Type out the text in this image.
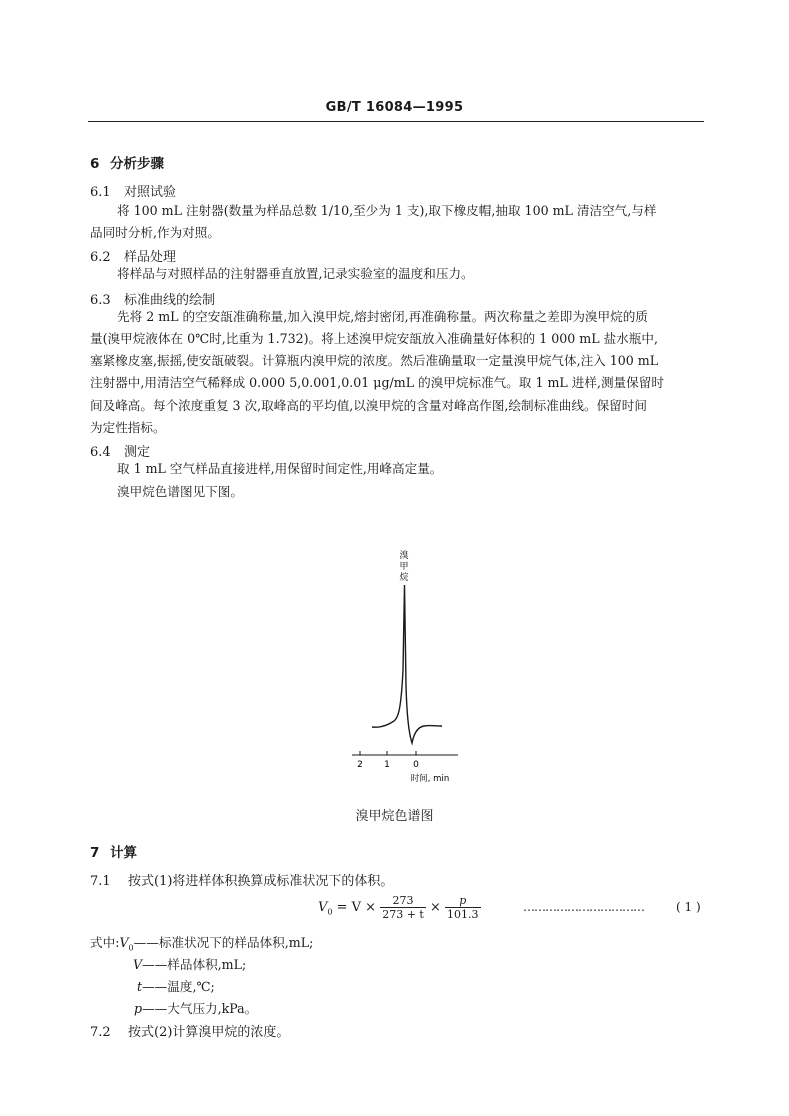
GB/T 16084—1995
6 分析步骤
6.1 对照试验
将 100 mL 注射器(数量为样品总数 1/10,至少为 1 支),取下橡皮帽,抽取 100 mL 清洁空气,与样
品同时分析,作为对照。
6.2 样品处理
将样品与对照样品的注射器垂直放置,记录实验室的温度和压力。
6.3 标准曲线的绘制
先将 2 mL 的空安瓿准确称量,加入溴甲烷,熔封密闭,再准确称量。两次称量之差即为溴甲烷的质
量(溴甲烷液体在 0℃时,比重为 1.732)。将上述溴甲烷安瓿放入准确量好体积的 1 000 mL 盐水瓶中,
塞紧橡皮塞,振摇,使安瓿破裂。计算瓶内溴甲烷的浓度。然后准确量取一定量溴甲烷气体,注入 100 mL
注射器中,用清洁空气稀释成 0.000 5,0.001,0.01 μg/mL 的溴甲烷标准气。取 1 mL 进样,测量保留时
间及峰高。每个浓度重复 3 次,取峰高的平均值,以溴甲烷的含量对峰高作图,绘制标准曲线。保留时间
为定性指标。
6.4 测定
取 1 mL 空气样品直接进样,用保留时间定性,用峰高定量。
溴甲烷色谱图见下图。
溴
甲
烷
2 1	0
时间, min
溴甲烷色谱图
7 计算
7.1 按式(1)将进样体积换算成标准状况下的体积。
$V_0 = V \times \frac{273}{273 + t} \times \frac{p}{101.3}$	……………………………	( 1 )
式中$:V_0——$标准状况下的样品体积,mL;
V——样品体积,mL;
t——温度,℃;
p——大气压力,kPa。
7.2 按式(2)计算溴甲烷的浓度。
